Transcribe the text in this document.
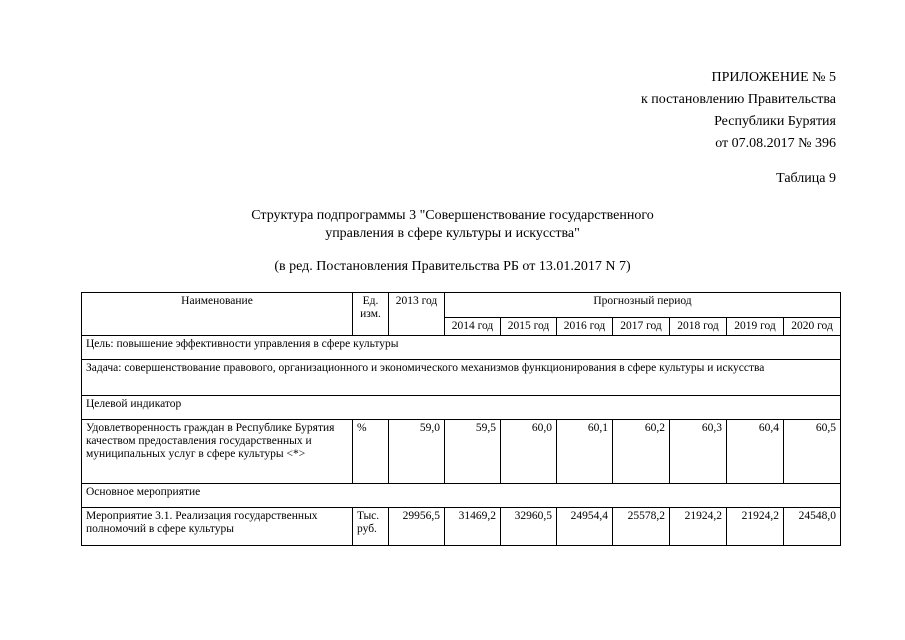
ПРИЛОЖЕНИЕ № 5
к постановлению Правительства
Республики Бурятия
от 07.08.2017 № 396
Таблица 9
Структура подпрограммы 3 "Совершенствование государственного
управления в сфере культуры и искусства"
(в ред. Постановления Правительства РБ от 13.01.2017 N 7)
Наименование	Ед. изм.	2013 год	Прогнозный период						
			2014 год	2015 год	2016 год	2017 год	2018 год	2019 год	2020 год
Цель: повышение эффективности управления в сфере культуры									
Задача: совершенствование правового, организационного и экономического механизмов функционирования в сфере культуры и искусства									
Целевой индикатор									
Удовлетворенность граждан в Республике Бурятия качеством предоставления государственных и муниципальных услуг в сфере культуры <*>	%	59,0	59,5	60,0	60,1	60,2	60,3	60,4	60,5
Основное мероприятие									
Мероприятие 3.1. Реализация государственных полномочий в сфере культуры	Тыс. руб.	29956,5	31469,2	32960,5	24954,4	25578,2	21924,2	21924,2	24548,0
